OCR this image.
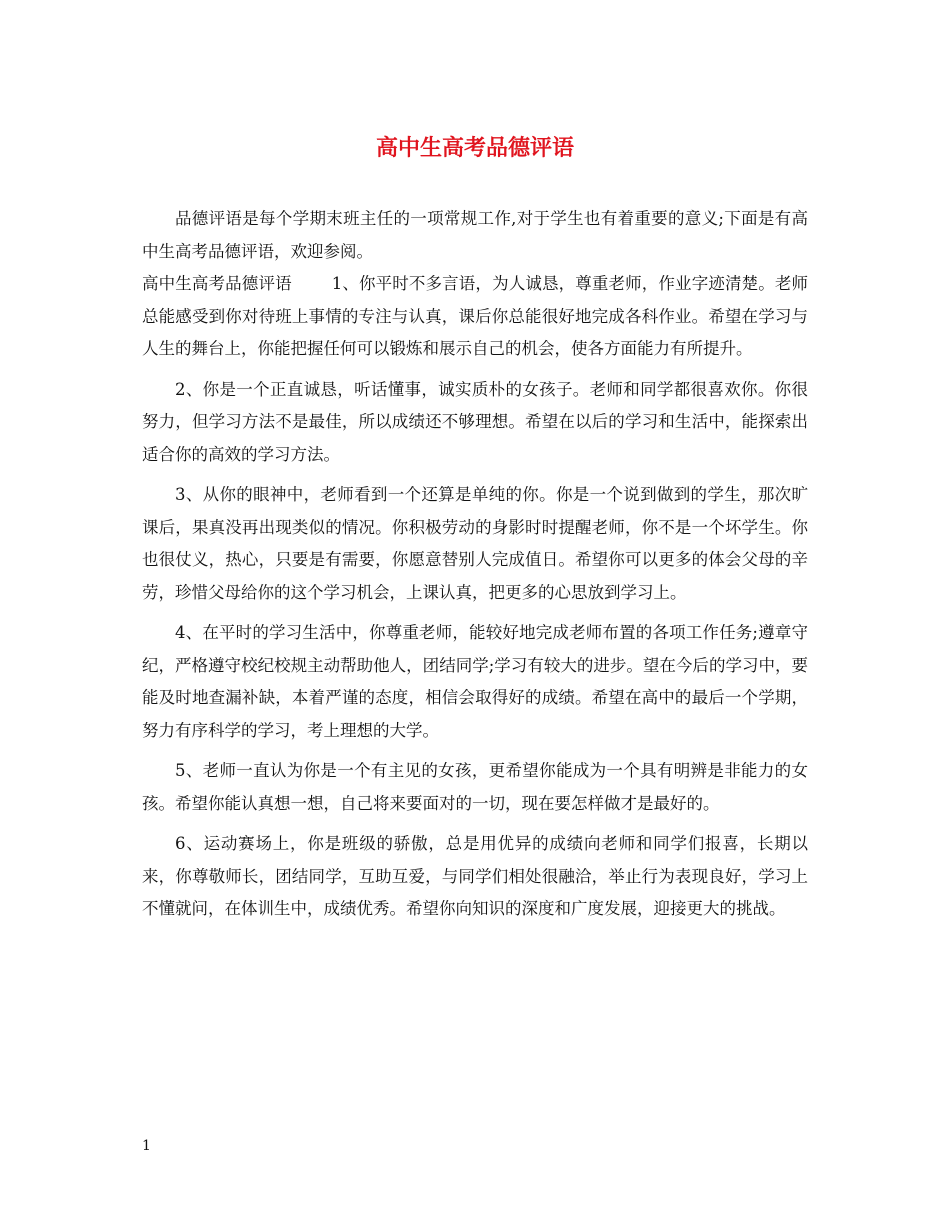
高中生高考品德评语

品德评语是每个学期末班主任的一项常规工作,对于学生也有着重要的意义;下面是有高中生高考品德评语，欢迎参阅。

高中生高考品德评语 1、你平时不多言语，为人诚恳，尊重老师，作业字迹清楚。老师总能感受到你对待班上事情的专注与认真，课后你总能很好地完成各科作业。希望在学习与人生的舞台上，你能把握任何可以锻炼和展示自己的机会，使各方面能力有所提升。

2、你是一个正直诚恳，听话懂事，诚实质朴的女孩子。老师和同学都很喜欢你。你很努力，但学习方法不是最佳，所以成绩还不够理想。希望在以后的学习和生活中，能探索出适合你的高效的学习方法。

3、从你的眼神中，老师看到一个还算是单纯的你。你是一个说到做到的学生，那次旷课后，果真没再出现类似的情况。你积极劳动的身影时时提醒老师，你不是一个坏学生。你也很仗义，热心，只要是有需要，你愿意替别人完成值日。希望你可以更多的体会父母的辛劳，珍惜父母给你的这个学习机会，上课认真，把更多的心思放到学习上。

4、在平时的学习生活中，你尊重老师，能较好地完成老师布置的各项工作任务;遵章守纪，严格遵守校纪校规主动帮助他人，团结同学;学习有较大的进步。望在今后的学习中，要能及时地查漏补缺，本着严谨的态度，相信会取得好的成绩。希望在高中的最后一个学期，努力有序科学的学习，考上理想的大学。

5、老师一直认为你是一个有主见的女孩，更希望你能成为一个具有明辨是非能力的女孩。希望你能认真想一想，自己将来要面对的一切，现在要怎样做才是最好的。

6、运动赛场上，你是班级的骄傲，总是用优异的成绩向老师和同学们报喜，长期以来，你尊敬师长，团结同学，互助互爱，与同学们相处很融洽，举止行为表现良好，学习上不懂就问，在体训生中，成绩优秀。希望你向知识的深度和广度发展，迎接更大的挑战。

1
